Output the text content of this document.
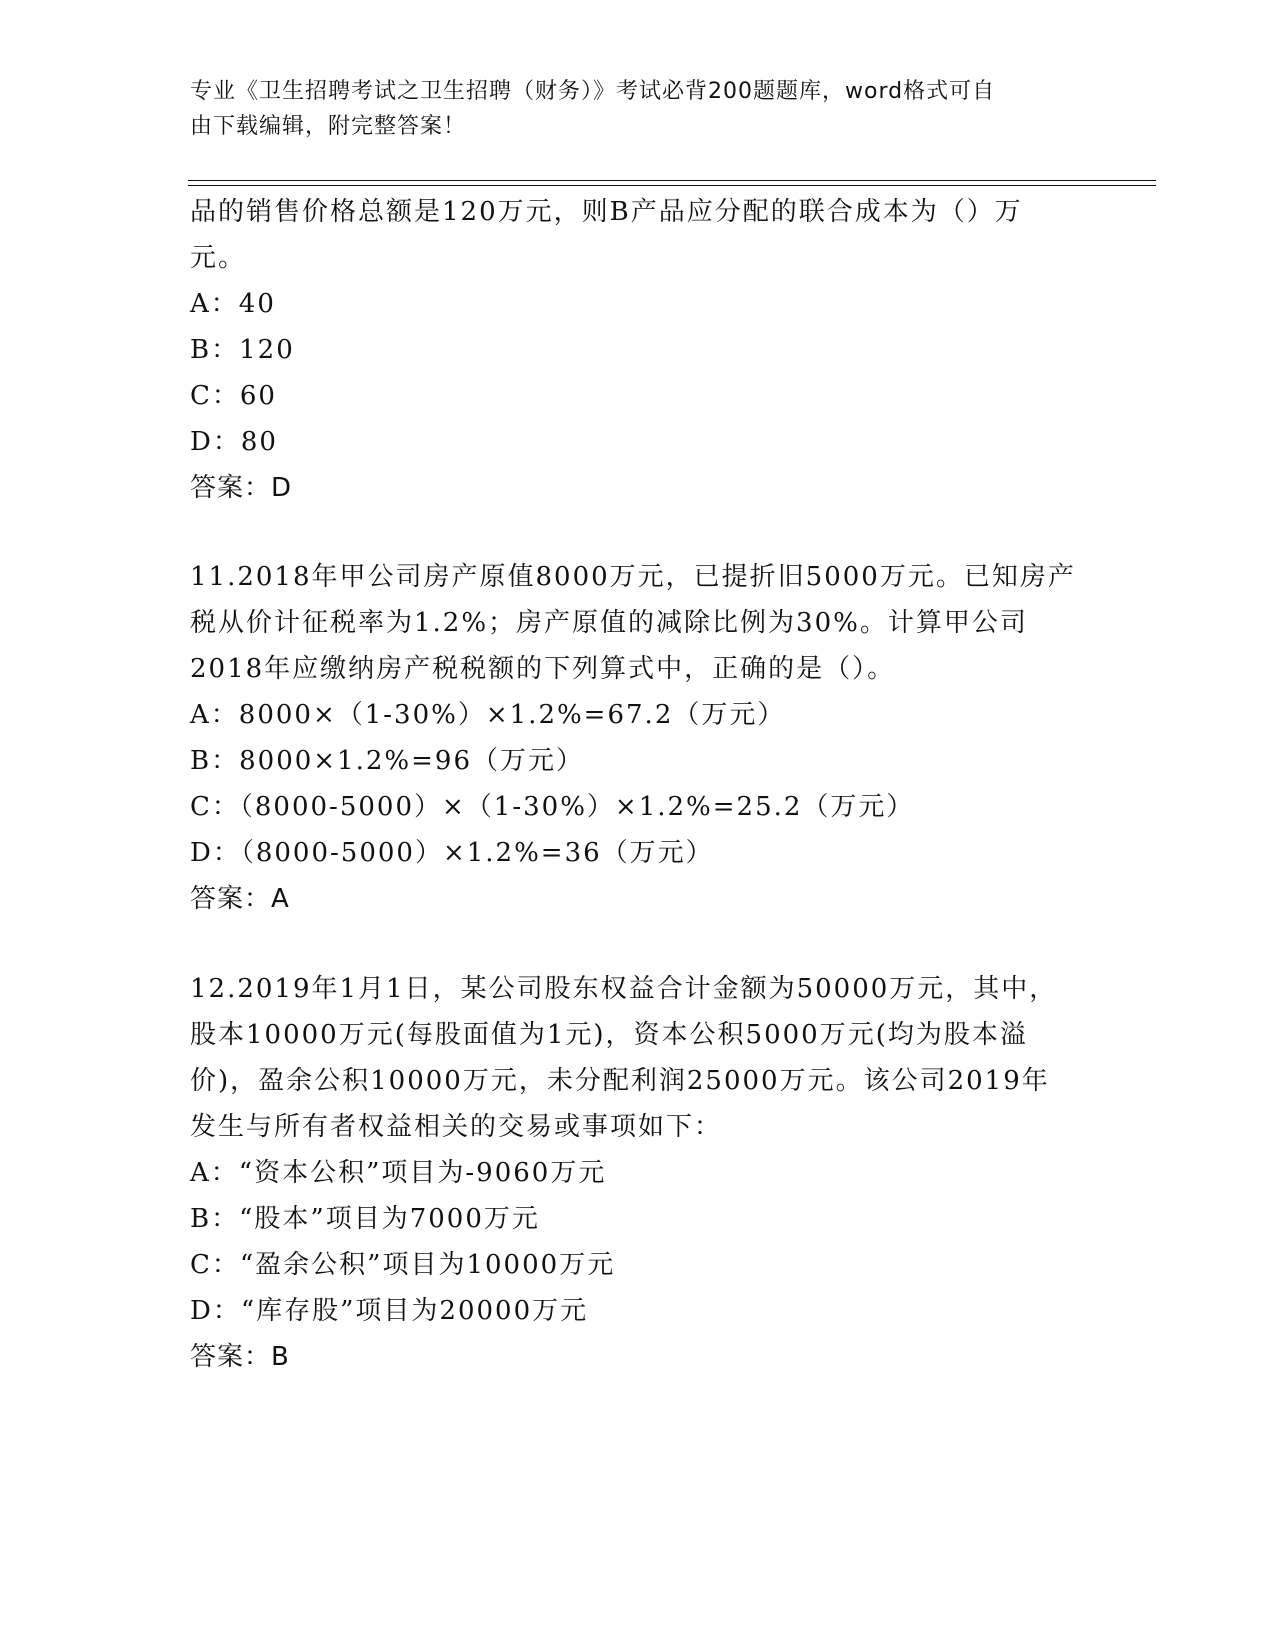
专业《卫生招聘考试之卫生招聘（财务）》考试必背200题题库，word格式可自
由下载编辑，附完整答案！
品的销售价格总额是120万元，则B产品应分配的联合成本为（）万
元。
A：40
B：120
C：60
D：80
答案：D
11.2018年甲公司房产原值8000万元，已提折旧5000万元。已知房产
税从价计征税率为1.2%；房产原值的减除比例为30%。计算甲公司
2018年应缴纳房产税税额的下列算式中，正确的是（）。
A：8000×（1-30%）×1.2%=67.2（万元）
B：8000×1.2%=96（万元）
C：（8000-5000）×（1-30%）×1.2%=25.2（万元）
D：（8000-5000）×1.2%=36（万元）
答案：A
12.2019年1月1日，某公司股东权益合计金额为50000万元，其中，
股本10000万元(每股面值为1元)，资本公积5000万元(均为股本溢
价)，盈余公积10000万元，未分配利润25000万元。该公司2019年
发生与所有者权益相关的交易或事项如下：
A：“资本公积”项目为-9060万元
B：“股本”项目为7000万元
C：“盈余公积”项目为10000万元
D：“库存股”项目为20000万元
答案：B
